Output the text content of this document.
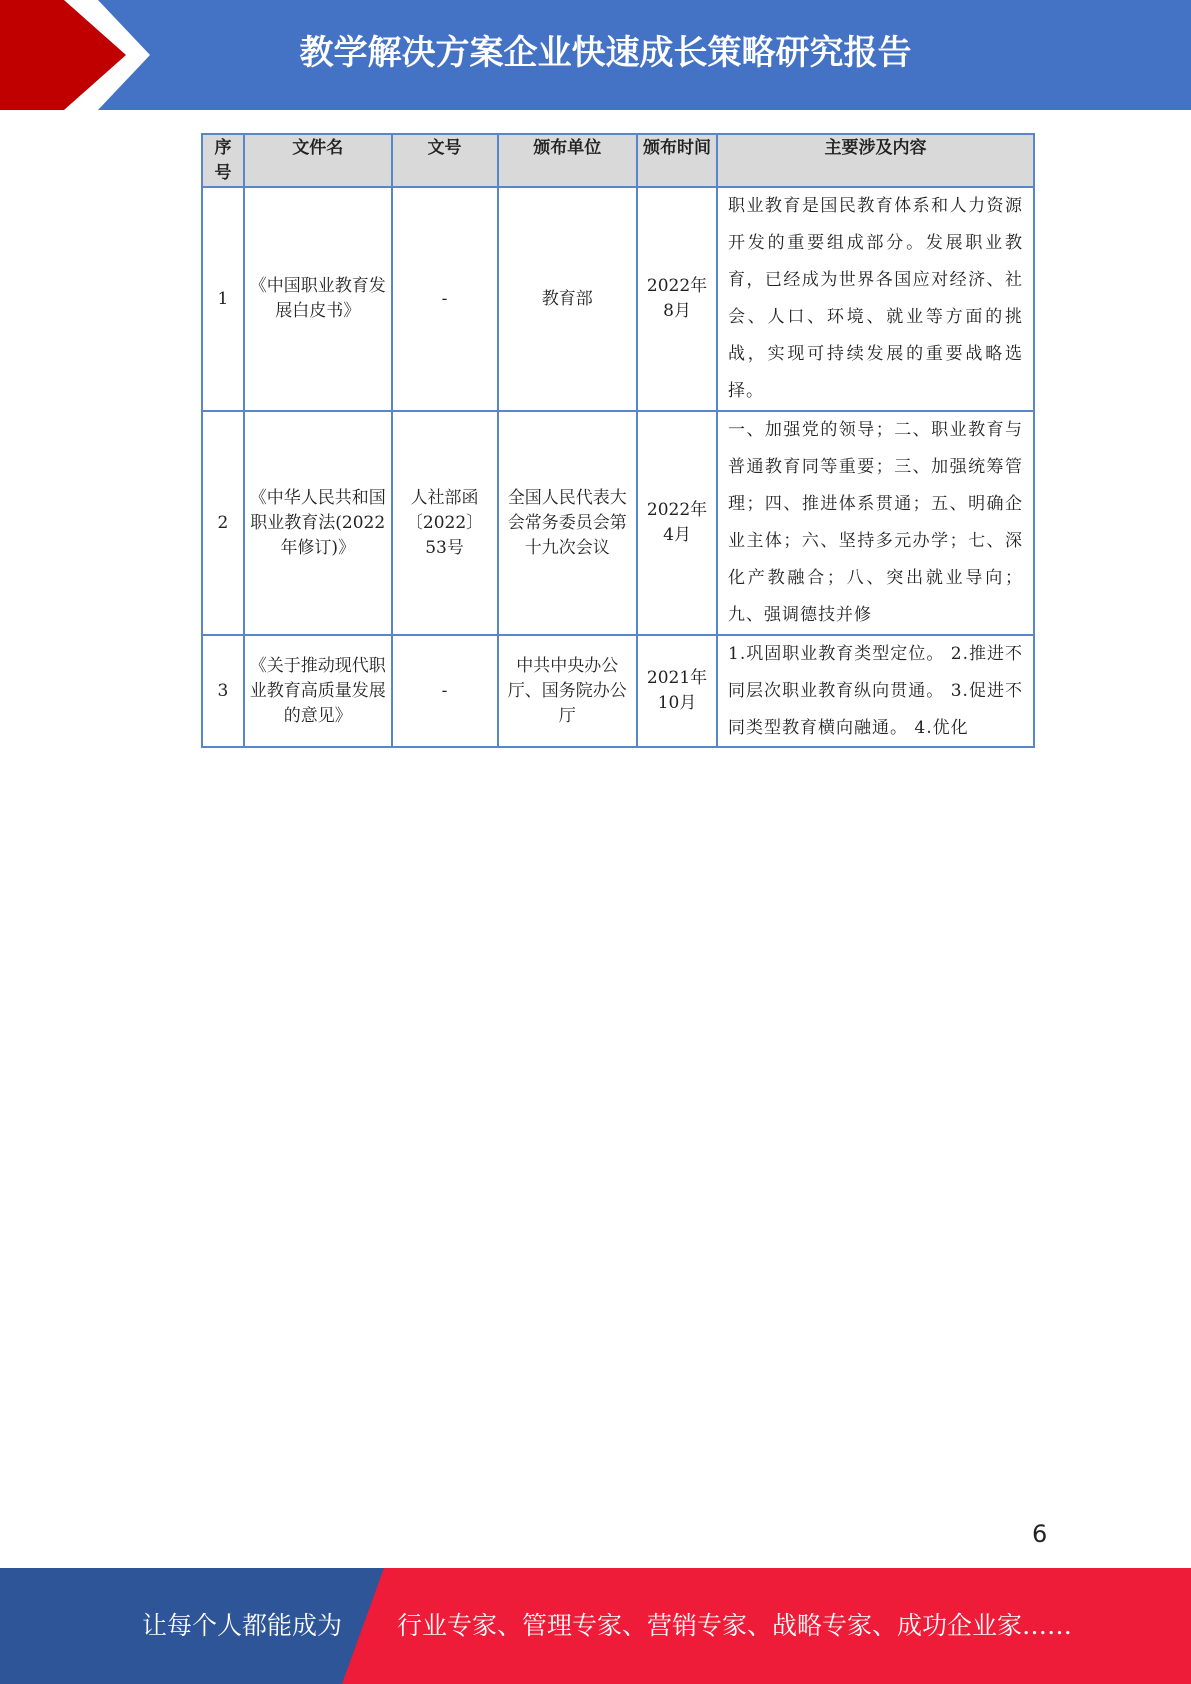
教学解决方案企业快速成长策略研究报告
序号	文件名	文号	颁布单位	颁布时间	主要涉及内容
1	《中国职业教育发展白皮书》	-	教育部	2022年8月	职业教育是国民教育体系和人力资源开发的重要组成部分。发展职业教育，已经成为世界各国应对经济、社会、人口、环境、就业等方面的挑战，实现可持续发展的重要战略选择。
2	《中华人民共和国职业教育法(2022年修订)》	人社部函〔2022〕53号	全国人民代表大会常务委员会第十九次会议	2022年4月	一、加强党的领导；二、职业教育与普通教育同等重要；三、加强统筹管理；四、推进体系贯通；五、明确企业主体；六、坚持多元办学；七、深化产教融合；八、突出就业导向；九、强调德技并修
3	《关于推动现代职业教育高质量发展的意见》	-	中共中央办公厅、国务院办公厅	2021年10月	1.巩固职业教育类型定位。 2.推进不同层次职业教育纵向贯通。 3.促进不同类型教育横向融通。 4.优化
6
让每个人都能成为 行业专家、管理专家、营销专家、战略专家、成功企业家……
